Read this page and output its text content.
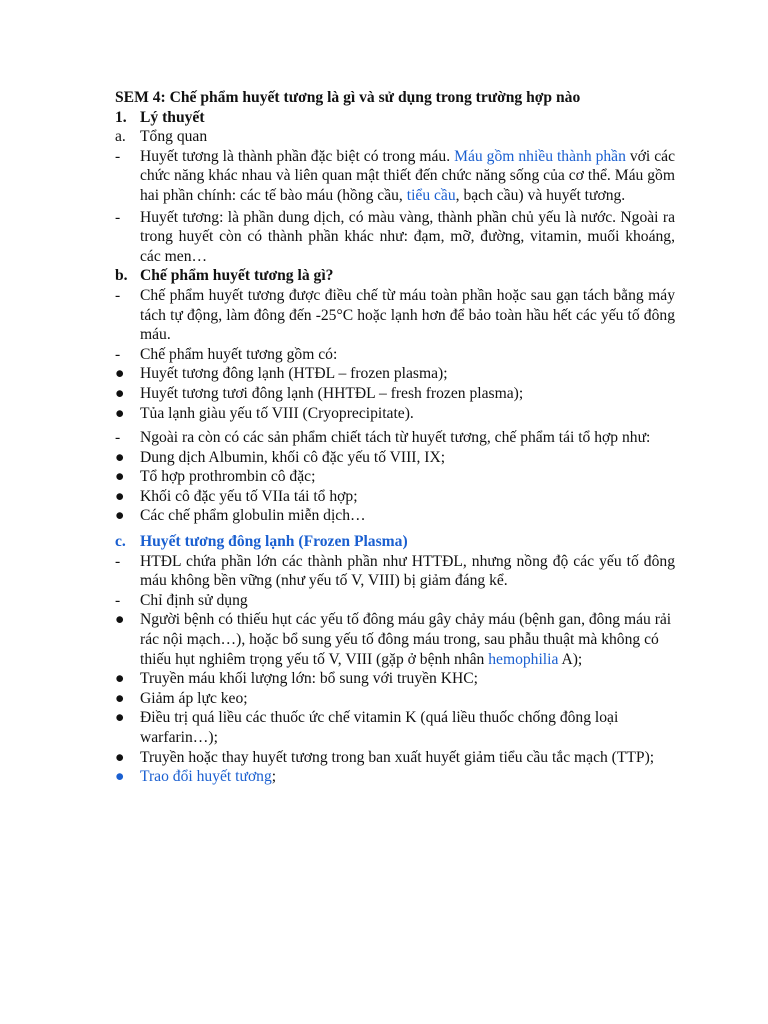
SEM 4: Chế phẩm huyết tương là gì và sử dụng trong trường hợp nào
1. Lý thuyết
a. Tổng quan
- Huyết tương là thành phần đặc biệt có trong máu. Máu gồm nhiều thành phần với các chức năng khác nhau và liên quan mật thiết đến chức năng sống của cơ thể. Máu gồm hai phần chính: các tế bào máu (hồng cầu, tiểu cầu, bạch cầu) và huyết tương.
- Huyết tương: là phần dung dịch, có màu vàng, thành phần chủ yếu là nước. Ngoài ra trong huyết còn có thành phần khác như: đạm, mỡ, đường, vitamin, muối khoáng, các men…
b. Chế phẩm huyết tương là gì?
- Chế phẩm huyết tương được điều chế từ máu toàn phần hoặc sau gạn tách bằng máy tách tự động, làm đông đến -25°C hoặc lạnh hơn để bảo toàn hầu hết các yếu tố đông máu.
- Chế phẩm huyết tương gồm có:
● Huyết tương đông lạnh (HTĐL – frozen plasma);
● Huyết tương tươi đông lạnh (HHTĐL – fresh frozen plasma);
● Tủa lạnh giàu yếu tố VIII (Cryoprecipitate).
- Ngoài ra còn có các sản phẩm chiết tách từ huyết tương, chế phẩm tái tổ hợp như:
● Dung dịch Albumin, khối cô đặc yếu tố VIII, IX;
● Tổ hợp prothrombin cô đặc;
● Khối cô đặc yếu tố VIIa tái tổ hợp;
● Các chế phẩm globulin miễn dịch…
c. Huyết tương đông lạnh (Frozen Plasma)
- HTĐL chứa phần lớn các thành phần như HTTĐL, nhưng nồng độ các yếu tố đông máu không bền vững (như yếu tố V, VIII) bị giảm đáng kể.
- Chỉ định sử dụng
● Người bệnh có thiếu hụt các yếu tố đông máu gây chảy máu (bệnh gan, đông máu rải rác nội mạch…), hoặc bổ sung yếu tố đông máu trong, sau phẫu thuật mà không có thiếu hụt nghiêm trọng yếu tố V, VIII (gặp ở bệnh nhân hemophilia A);
● Truyền máu khối lượng lớn: bổ sung với truyền KHC;
● Giảm áp lực keo;
● Điều trị quá liều các thuốc ức chế vitamin K (quá liều thuốc chống đông loại warfarin…);
● Truyền hoặc thay huyết tương trong ban xuất huyết giảm tiểu cầu tắc mạch (TTP);
● Trao đổi huyết tương;
